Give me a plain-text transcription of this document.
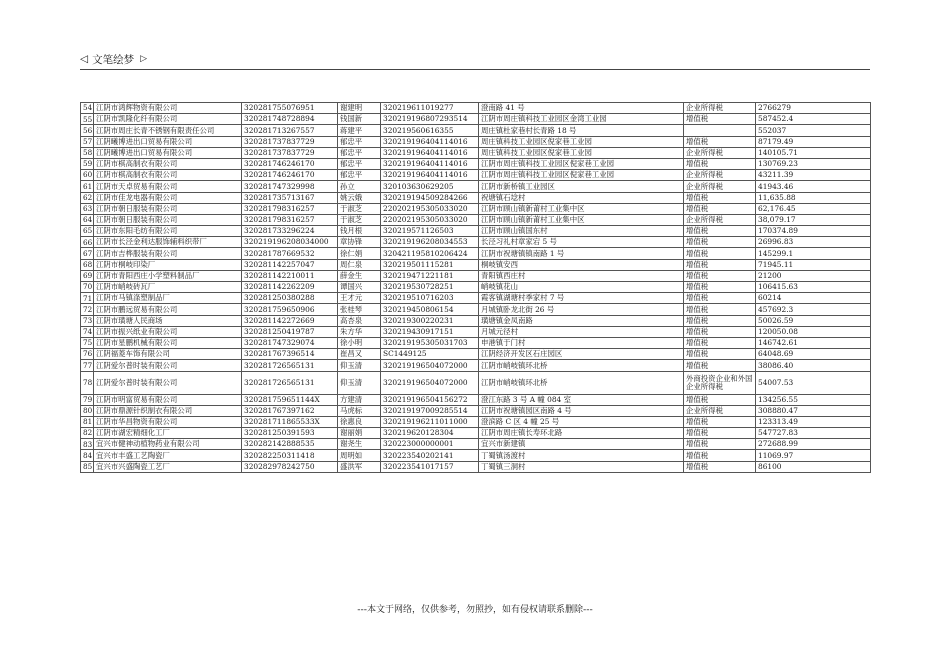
◁ 文笔绘梦 ▷
54	江阴市鸿辉物资有限公司	320281755076951	谢建明	320219611019277	澄南路 41 号	企业所得税	2766279
55	江阴市凯隆化纤有限公司	320281748728894	钱国新	320219196807293514	江阴市周庄镇科技工业园区金湾工业园	增值税	587452.4
56	江阴市周庄长青不锈钢有限责任公司	320281713267557	蒋建平	320219560616355	周庄镇杜家巷村长青路 18 号		552037
57	江阴曦博进出口贸易有限公司	320281737837729	郁忠平	320219196404114016	周庄镇科技工业园区倪家巷工业园	增值税	87179.49
58	江阴曦博进出口贸易有限公司	320281737837729	郁忠平	320219196404114016	周庄镇科技工业园区倪家巷工业园	企业所得税	140105.71
59	江阴市棋高制衣有限公司	320281746246170	郁忠平	320219196404114016	江阴市周庄镇科技工业园区倪家巷工业园	增值税	130769.23
60	江阴市棋高制衣有限公司	320281746246170	郁忠平	320219196404114016	江阴市周庄镇科技工业园区倪家巷工业园	企业所得税	43211.39
61	江阴市天卓贸易有限公司	320281747329998	孙立	320103630629205	江阴市新桥镇工业园区	企业所得税	41943.46
62	江阴市佳龙电器有限公司	320281735713167	姚云娥	320219194509284266	祝塘镇石埝村	增值税	11,635.88
63	江阴市朝日服装有限公司	320281798316257	于淑芝	220202195305033020	江阴市顾山镇新莆村工业集中区	增值税	62,176.45
64	江阴市朝日服装有限公司	320281798316257	于淑芝	220202195305033020	江阴市顾山镇新莆村工业集中区	企业所得税	38,079.17
65	江阴市东阳毛纺有限公司	320281733296224	钱月根	320219571126503	江阴市顾山镇国东村	增值税	170374.89
66	江阴市长泾金利达服饰辅料织带厂	320219196208034000	章协锋	320219196208034553	长泾习礼村章家宕 5 号	增值税	26996.83
67	江阴市吉桦服装有限公司	320281787669532	徐仁娟	320421195810206424	江阴市祝塘镇镇南路 1 号	增值税	145299.1
68	江阴市桐岐印染厂	320281142257047	周仁泉	320219501115281	桐岐镇安西	增值税	71945.11
69	江阴市青阳西庄小学塑料制品厂	320281142210011	薛金生	320219471221181	青阳镇西庄村	增值税	21200
70	江阴市峭岐砖瓦厂	320281142262209	谭国兴	320219530728251	峭岐镇花山	增值税	106415.63
71	江阴市马镇涤塑制品厂	320281250380288	王才元	320219510716203	霞客镇湖塘村季家村 7 号	增值税	60214
72	江阴市鹏远贸易有限公司	320281759650906	张桂琴	320219450806154	月城镇卧龙北街 26 号	增值税	457692.3
73	江阴市璜塘人民商场	320281142272669	高杏泉	320219300220231	璜塘镇金凤南路	增值税	50026.59
74	江阴市振兴纸业有限公司	320281250419787	朱方华	320219430917151	月城元径村	增值税	120050.08
75	江阴市星鹏机械有限公司	320281747329074	徐小明	320219195305031703	申港镇于门村	增值税	146742.61
76	江阴福菱车饰有限公司	320281767396514	崔昌又	SC1449125	江阴经济开发区石庄园区	增值税	64048.69
77	江阴爱尔普时装有限公司	320281726565131	仰玉清	320219196504072000	江阴市峭岐镇环北桥	增值税	38086.40
78	江阴爱尔普时装有限公司	320281726565131	仰玉清	320219196504072000	江阴市峭岐镇环北桥	外商投资企业和外国企业所得税	54007.53
79	江阴市明富贸易有限公司	320281759651144X	方建清	320219196504156272	澄江东路 3 号 A 幢 084 室	增值税	134256.55
80	江阴市鼎源针织制衣有限公司	320281767397162	马虎标	320219197009285514	江阴市祝塘镇园区南路 4 号	企业所得税	308880.47
81	江阴市华昌物资有限公司	320281711865533X	徐惠良	320219196211011000	澄滨路 C 区 4 幢 25 号	增值税	123313.49
82	江阴市湖宏精细化工厂	320281250391593	谢丽娟	320219620128304	江阴市周庄镇长寿环北路	增值税	547727.83
83	宜兴市健神动植物药业有限公司	320282142888535	谢尧生	320223000000001	宜兴市新建镇	增值税	272688.99
84	宜兴市丰盛工艺陶瓷厂	320282250311418	周明如	320223540202141	丁蜀镇汤渡村	增值税	11069.97
85	宜兴市兴盛陶瓷工艺厂	320282978242750	盛洪军	320223541017157	丁蜀镇三洞村	增值税	86100
---本文于网络，仅供参考，勿照抄，如有侵权请联系删除---
